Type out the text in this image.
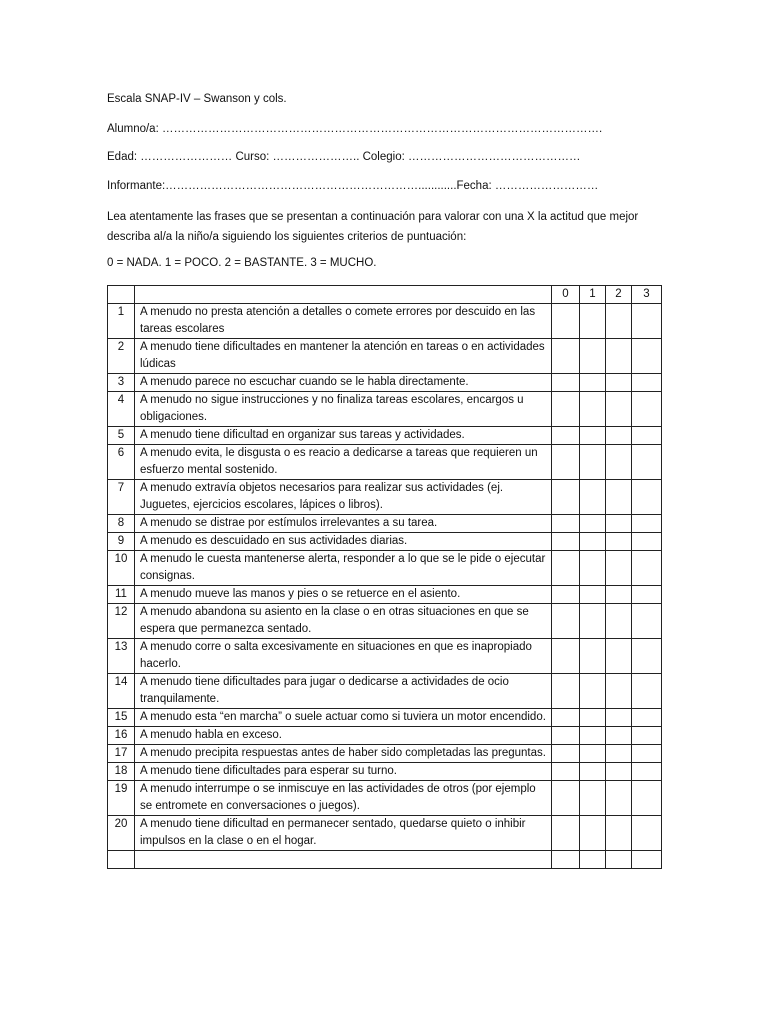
Escala SNAP-IV – Swanson y cols.
Alumno/a: …………………………………………………………………………………………………….
Edad: …………………… Curso: ………………….. Colegio: ………………………………………
Informante:…………………………………………………………............Fecha: ………………………
Lea atentamente las frases que se presentan a continuación para valorar con una X la actitud que mejor describa al/a la niño/a siguiendo los siguientes criterios de puntuación:
0 = NADA. 1 = POCO. 2 = BASTANTE. 3 = MUCHO.
		0	1	2	3
1	A menudo no presta atención a detalles o comete errores por descuido en las tareas escolares				
2	A menudo tiene dificultades en mantener la atención en tareas o en actividades lúdicas				
3	A menudo parece no escuchar cuando se le habla directamente.				
4	A menudo no sigue instrucciones y no finaliza tareas escolares, encargos u obligaciones.				
5	A menudo tiene dificultad en organizar sus tareas y actividades.				
6	A menudo evita, le disgusta o es reacio a dedicarse a tareas que requieren un esfuerzo mental sostenido.				
7	A menudo extravía objetos necesarios para realizar sus actividades (ej. Juguetes, ejercicios escolares, lápices o libros).				
8	A menudo se distrae por estímulos irrelevantes a su tarea.				
9	A menudo es descuidado en sus actividades diarias.				
10	A menudo le cuesta mantenerse alerta, responder a lo que se le pide o ejecutar consignas.				
11	A menudo mueve las manos y pies o se retuerce en el asiento.				
12	A menudo abandona su asiento en la clase o en otras situaciones en que se espera que permanezca sentado.				
13	A menudo corre o salta excesivamente en situaciones en que es inapropiado hacerlo.				
14	A menudo tiene dificultades para jugar o dedicarse a actividades de ocio tranquilamente.				
15	A menudo esta “en marcha” o suele actuar como si tuviera un motor encendido.				
16	A menudo habla en exceso.				
17	A menudo precipita respuestas antes de haber sido completadas las preguntas.				
18	A menudo tiene dificultades para esperar su turno.				
19	A menudo interrumpe o se inmiscuye en las actividades de otros (por ejemplo se entromete en conversaciones o juegos).				
20	A menudo tiene dificultad en permanecer sentado, quedarse quieto o inhibir impulsos en la clase o en el hogar.				
